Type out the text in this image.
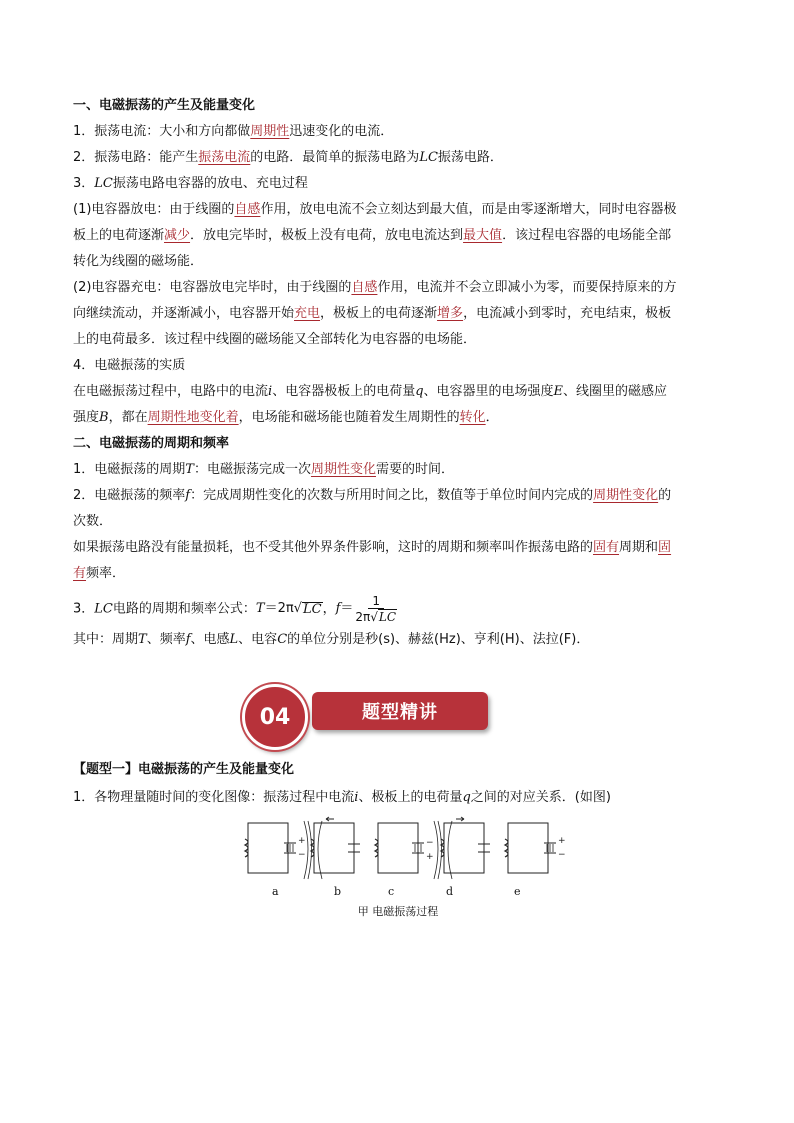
一、电磁振荡的产生及能量变化
1．振荡电流：大小和方向都做周期性迅速变化的电流．
2．振荡电路：能产生振荡电流的电路．最简单的振荡电路为LC振荡电路．
3．LC振荡电路电容器的放电、充电过程
(1)电容器放电：由于线圈的自感作用，放电电流不会立刻达到最大值，而是由零逐渐增大，同时电容器极
板上的电荷逐渐减少．放电完毕时，极板上没有电荷，放电电流达到最大值．该过程电容器的电场能全部
转化为线圈的磁场能．
(2)电容器充电：电容器放电完毕时，由于线圈的自感作用，电流并不会立即减小为零，而要保持原来的方
向继续流动，并逐渐减小，电容器开始充电，极板上的电荷逐渐增多，电流减小到零时，充电结束，极板
上的电荷最多．该过程中线圈的磁场能又全部转化为电容器的电场能．
4．电磁振荡的实质
在电磁振荡过程中，电路中的电流i、电容器极板上的电荷量q、电容器里的电场强度E、线圈里的磁感应
强度B，都在周期性地变化着，电场能和磁场能也随着发生周期性的转化．
二、电磁振荡的周期和频率
1．电磁振荡的周期T：电磁振荡完成一次周期性变化需要的时间．
2．电磁振荡的频率f：完成周期性变化的次数与所用时间之比，数值等于单位时间内完成的周期性变化的
次数．
如果振荡电路没有能量损耗，也不受其他外界条件影响，这时的周期和频率叫作振荡电路的固有周期和固
有频率．
3．LC电路的周期和频率公式： T ＝2π √ LC ， $f = \frac{1}{2\pi√LC}$
其中：周期T、频率f、电感L、电容C的单位分别是秒(s)、赫兹(Hz)、亨利(H)、法拉(F)．
04	题型精讲
【题型一】电磁振荡的产生及能量变化
1．各物理量随时间的变化图像：振荡过程中电流i、极板上的电荷量q之间的对应关系．(如图)
+
−
−
+
+
−
a	b	c	d	e
甲 电磁振荡过程
